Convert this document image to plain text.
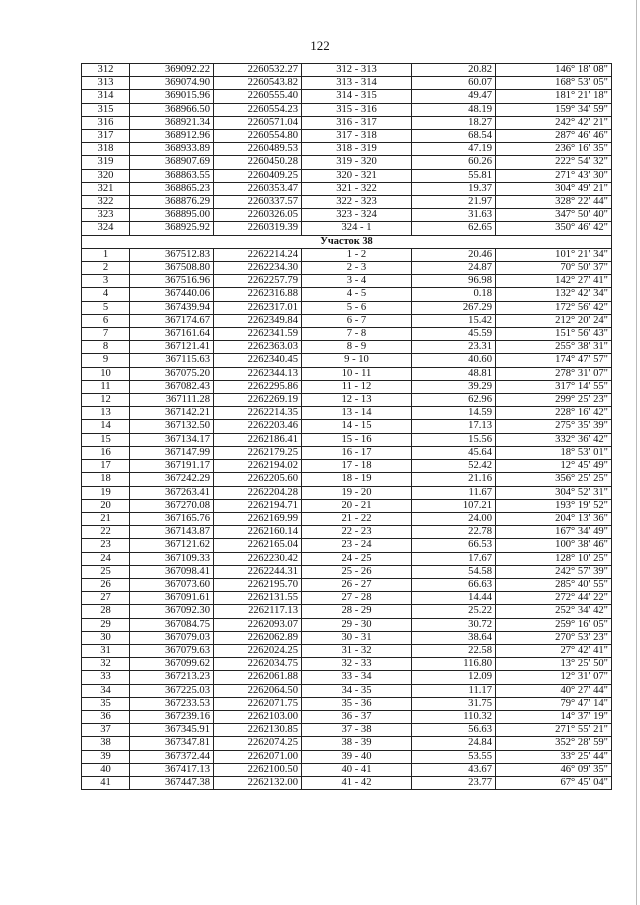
122
312	369092.22	2260532.27	312 - 313	20.82	146° 18' 08"
313	369074.90	2260543.82	313 - 314	60.07	168° 53' 05"
314	369015.96	2260555.40	314 - 315	49.47	181° 21' 18"
315	368966.50	2260554.23	315 - 316	48.19	159° 34' 59"
316	368921.34	2260571.04	316 - 317	18.27	242° 42' 21"
317	368912.96	2260554.80	317 - 318	68.54	287° 46' 46"
318	368933.89	2260489.53	318 - 319	47.19	236° 16' 35"
319	368907.69	2260450.28	319 - 320	60.26	222° 54' 32"
320	368863.55	2260409.25	320 - 321	55.81	271° 43' 30"
321	368865.23	2260353.47	321 - 322	19.37	304° 49' 21"
322	368876.29	2260337.57	322 - 323	21.97	328° 22' 44"
323	368895.00	2260326.05	323 - 324	31.63	347° 50' 40"
324	368925.92	2260319.39	324 - 1	62.65	350° 46' 42"
Участок 38					
1	367512.83	2262214.24	1 - 2	20.46	101° 21' 34"
2	367508.80	2262234.30	2 - 3	24.87	70° 50' 37"
3	367516.96	2262257.79	3 - 4	96.98	142° 27' 41"
4	367440.06	2262316.88	4 - 5	0.18	132° 42' 34"
5	367439.94	2262317.01	5 - 6	267.29	172° 56' 42"
6	367174.67	2262349.84	6 - 7	15.42	212° 20' 24"
7	367161.64	2262341.59	7 - 8	45.59	151° 56' 43"
8	367121.41	2262363.03	8 - 9	23.31	255° 38' 31"
9	367115.63	2262340.45	9 - 10	40.60	174° 47' 57"
10	367075.20	2262344.13	10 - 11	48.81	278° 31' 07"
11	367082.43	2262295.86	11 - 12	39.29	317° 14' 55"
12	367111.28	2262269.19	12 - 13	62.96	299° 25' 23"
13	367142.21	2262214.35	13 - 14	14.59	228° 16' 42"
14	367132.50	2262203.46	14 - 15	17.13	275° 35' 39"
15	367134.17	2262186.41	15 - 16	15.56	332° 36' 42"
16	367147.99	2262179.25	16 - 17	45.64	18° 53' 01"
17	367191.17	2262194.02	17 - 18	52.42	12° 45' 49"
18	367242.29	2262205.60	18 - 19	21.16	356° 25' 25"
19	367263.41	2262204.28	19 - 20	11.67	304° 52' 31"
20	367270.08	2262194.71	20 - 21	107.21	193° 19' 52"
21	367165.76	2262169.99	21 - 22	24.00	204° 13' 36"
22	367143.87	2262160.14	22 - 23	22.78	167° 34' 49"
23	367121.62	2262165.04	23 - 24	66.53	100° 38' 46"
24	367109.33	2262230.42	24 - 25	17.67	128° 10' 25"
25	367098.41	2262244.31	25 - 26	54.58	242° 57' 39"
26	367073.60	2262195.70	26 - 27	66.63	285° 40' 55"
27	367091.61	2262131.55	27 - 28	14.44	272° 44' 22"
28	367092.30	2262117.13	28 - 29	25.22	252° 34' 42"
29	367084.75	2262093.07	29 - 30	30.72	259° 16' 05"
30	367079.03	2262062.89	30 - 31	38.64	270° 53' 23"
31	367079.63	2262024.25	31 - 32	22.58	27° 42' 41"
32	367099.62	2262034.75	32 - 33	116.80	13° 25' 50"
33	367213.23	2262061.88	33 - 34	12.09	12° 31' 07"
34	367225.03	2262064.50	34 - 35	11.17	40° 27' 44"
35	367233.53	2262071.75	35 - 36	31.75	79° 47' 14"
36	367239.16	2262103.00	36 - 37	110.32	14° 37' 19"
37	367345.91	2262130.85	37 - 38	56.63	271° 55' 21"
38	367347.81	2262074.25	38 - 39	24.84	352° 28' 59"
39	367372.44	2262071.00	39 - 40	53.55	33° 25' 44"
40	367417.13	2262100.50	40 - 41	43.67	46° 09' 35"
41	367447.38	2262132.00	41 - 42	23.77	67° 45' 04"
